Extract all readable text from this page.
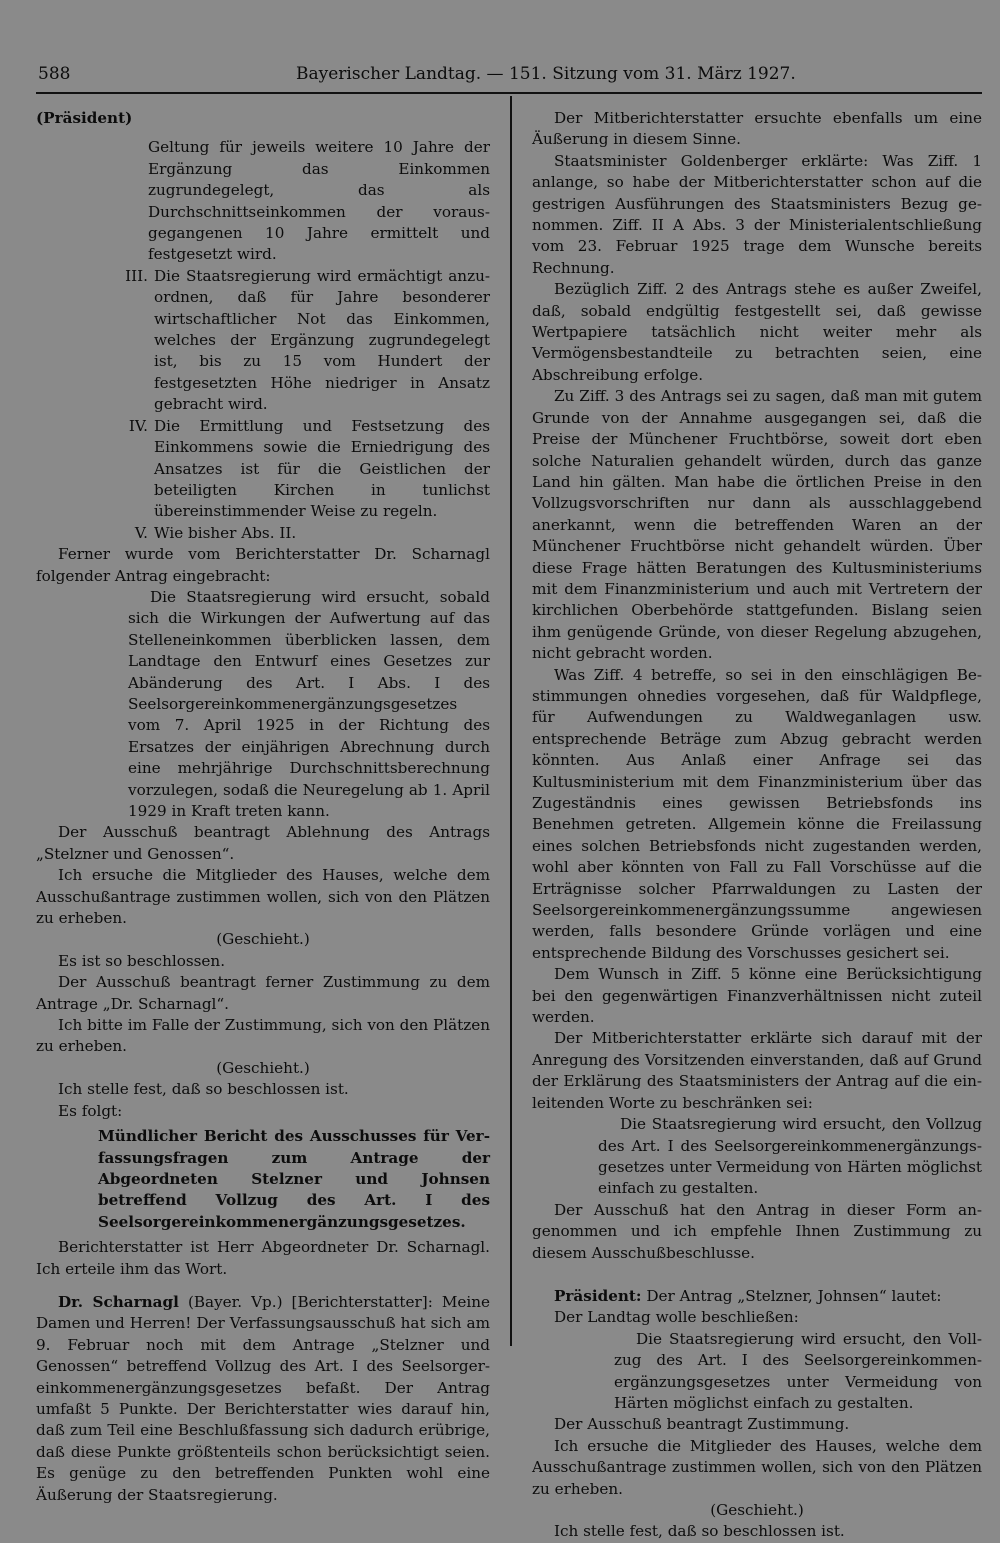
588	Bayerischer Landtag. — 151. Sitzung vom 31. März 1927.

(Präsident)

Geltung für jeweils weitere 10 Jahre der Ergänzung das Einkommen zugrundegelegt, das als Durchschnittseinkommen der vorausgegangenen 10 Jahre ermittelt und festgesetzt wird.

III. Die Staatsregierung wird ermächtigt anzuordnen, daß für Jahre besonderer wirtschaftlicher Not das Einkommen, welches der Ergänzung zugrundegelegt ist, bis zu 15 vom Hundert der festgesetzten Höhe niedriger in Ansatz gebracht wird.
IV. Die Ermittlung und Festsetzung des Einkommens sowie die Erniedrigung des Ansatzes ist für die Geistlichen der beteiligten Kirchen in tunlichst übereinstimmender Weise zu regeln.
V. Wie bisher Abs. II.

Ferner wurde vom Berichterstatter Dr. Scharnagl folgender Antrag eingebracht:

Die Staatsregierung wird ersucht, sobald sich die Wirkungen der Aufwertung auf das Stelleneinkommen überblicken lassen, dem Landtage den Entwurf eines Gesetzes zur Abänderung des Art. I Abs. I des Seelsorgereinkommenergänzungsgesetzes vom 7. April 1925 in der Richtung des Ersatzes der einjährigen Abrechnung durch eine mehrjährige Durchschnittsberechnung vorzulegen, sodaß die Neuregelung ab 1. April 1929 in Kraft treten kann.

Der Ausschuß beantragt Ablehnung des Antrags „Stelzner und Genossen“.

Ich ersuche die Mitglieder des Hauses, welche dem Ausschußantrage zustimmen wollen, sich von den Plätzen zu erheben.

(Geschieht.)

Es ist so beschlossen.

Der Ausschuß beantragt ferner Zustimmung zu dem Antrage „Dr. Scharnagl“.

Ich bitte im Falle der Zustimmung, sich von den Plätzen zu erheben.

(Geschieht.)

Ich stelle fest, daß so beschlossen ist.

Es folgt:

Mündlicher Bericht des Ausschusses für Verfassungsfragen zum Antrage der Abgeordneten Stelzner und Johnsen betreffend Vollzug des Art. I des Seelsorgereinkommenergänzungsgesetzes.

Berichterstatter ist Herr Abgeordneter Dr. Scharnagl. Ich erteile ihm das Wort.

Dr. Scharnagl (Bayer. Vp.) [Berichterstatter]: Meine Damen und Herren! Der Verfassungsausschuß hat sich am 9. Februar noch mit dem Antrage „Stelzner und Genossen“ betreffend Vollzug des Art. I des Seelsorgereinkommenergänzungsgesetzes befaßt. Der Antrag umfaßt 5 Punkte. Der Berichterstatter wies darauf hin, daß zum Teil eine Beschlußfassung sich dadurch erübrige, daß diese Punkte größtenteils schon berücksichtigt seien. Es genüge zu den betreffenden Punkten wohl eine Äußerung der Staatsregierung.

Der Mitberichterstatter ersuchte ebenfalls um eine Äußerung in diesem Sinne.

Staatsminister Goldenberger erklärte: Was Ziff. 1 anlange, so habe der Mitberichterstatter schon auf die gestrigen Ausführungen des Staatsministers Bezug genommen. Ziff. II A Abs. 3 der Ministerialentschließung vom 23. Februar 1925 trage dem Wunsche bereits Rechnung.

Bezüglich Ziff. 2 des Antrags stehe es außer Zweifel, daß, sobald endgültig festgestellt sei, daß gewisse Wertpapiere tatsächlich nicht weiter mehr als Vermögensbestandteile zu betrachten seien, eine Abschreibung erfolge.

Zu Ziff. 3 des Antrags sei zu sagen, daß man mit gutem Grunde von der Annahme ausgegangen sei, daß die Preise der Münchener Fruchtbörse, soweit dort eben solche Naturalien gehandelt würden, durch das ganze Land hin gälten. Man habe die örtlichen Preise in den Vollzugsvorschriften nur dann als ausschlaggebend anerkannt, wenn die betreffenden Waren an der Münchener Fruchtbörse nicht gehandelt würden. Über diese Frage hätten Beratungen des Kultusministeriums mit dem Finanzministerium und auch mit Vertretern der kirchlichen Oberbehörde stattgefunden. Bislang seien ihm genügende Gründe, von dieser Regelung abzugehen, nicht gebracht worden.

Was Ziff. 4 betreffe, so sei in den einschlägigen Bestimmungen ohnedies vorgesehen, daß für Waldpflege, für Aufwendungen zu Waldweganlagen usw. entsprechende Beträge zum Abzug gebracht werden könnten. Aus Anlaß einer Anfrage sei das Kultusministerium mit dem Finanzministerium über das Zugeständnis eines gewissen Betriebsfonds ins Benehmen getreten. Allgemein könne die Freilassung eines solchen Betriebsfonds nicht zugestanden werden, wohl aber könnten von Fall zu Fall Vorschüsse auf die Erträgnisse solcher Pfarrwaldungen zu Lasten der Seelsorgereinkommenergänzungssumme angewiesen werden, falls besondere Gründe vorlägen und eine entsprechende Bildung des Vorschusses gesichert sei.

Dem Wunsch in Ziff. 5 könne eine Berücksichtigung bei den gegenwärtigen Finanzverhältnissen nicht zuteil werden.

Der Mitberichterstatter erklärte sich darauf mit der Anregung des Vorsitzenden einverstanden, daß auf Grund der Erklärung des Staatsministers der Antrag auf die einleitenden Worte zu beschränken sei:

Die Staatsregierung wird ersucht, den Vollzug des Art. I des Seelsorgereinkommenergänzungsgesetzes unter Vermeidung von Härten möglichst einfach zu gestalten.

Der Ausschuß hat den Antrag in dieser Form angenommen und ich empfehle Ihnen Zustimmung zu diesem Ausschußbeschlusse.

Präsident: Der Antrag „Stelzner, Johnsen“ lautet:

Der Landtag wolle beschließen:

Die Staatsregierung wird ersucht, den Vollzug des Art. I des Seelsorgereinkommenergänzungsgesetzes unter Vermeidung von Härten möglichst einfach zu gestalten.

Der Ausschuß beantragt Zustimmung.

Ich ersuche die Mitglieder des Hauses, welche dem Ausschußantrage zustimmen wollen, sich von den Plätzen zu erheben.

(Geschieht.)

Ich stelle fest, daß so beschlossen ist.
